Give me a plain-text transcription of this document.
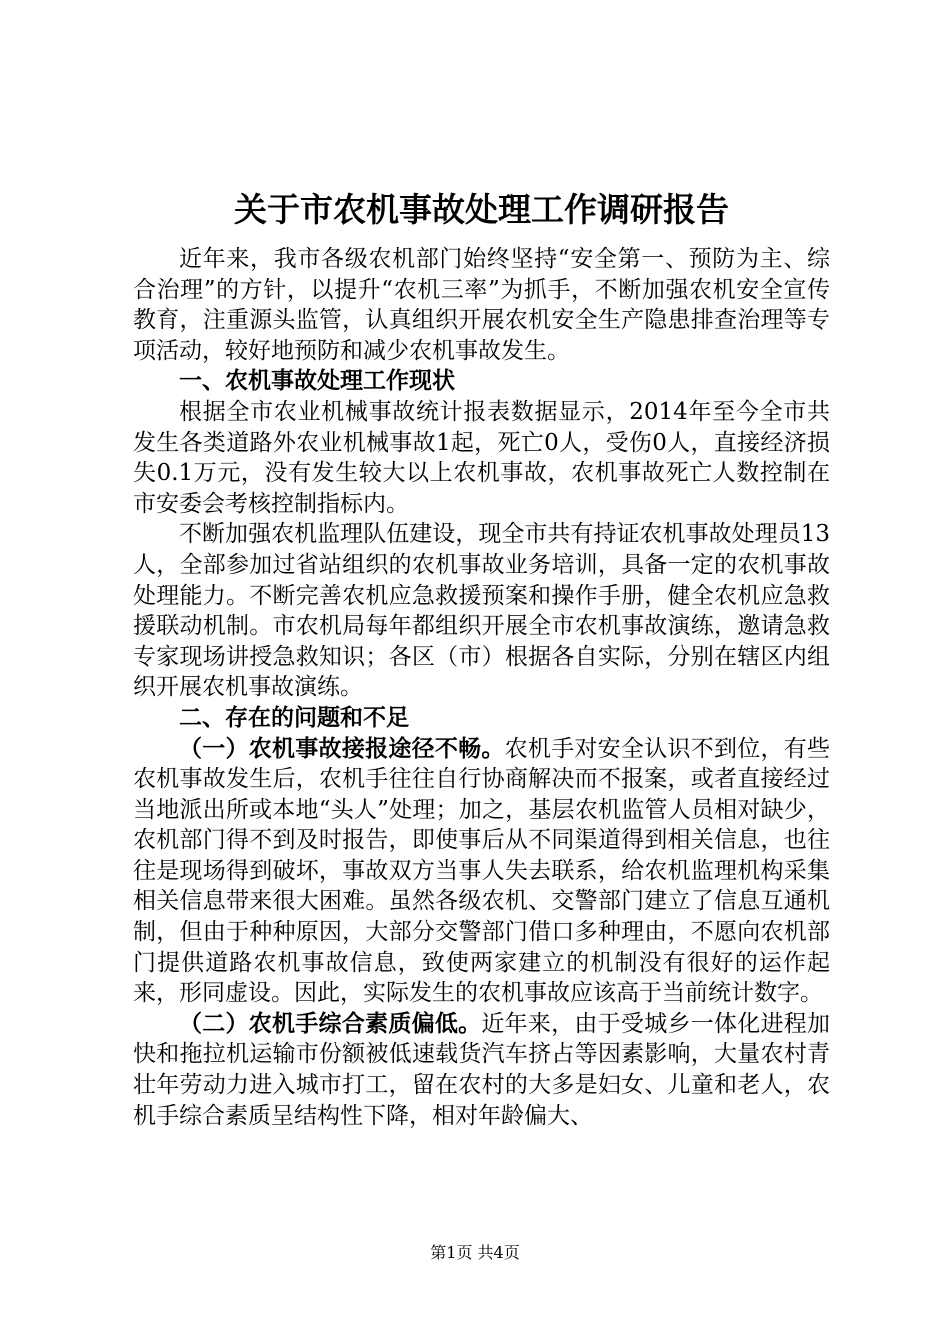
关于市农机事故处理工作调研报告

近年来，我市各级农机部门始终坚持“安全第一、预防为主、综合治理”的方针，以提升“农机三率”为抓手，不断加强农机安全宣传教育，注重源头监管，认真组织开展农机安全生产隐患排查治理等专项活动，较好地预防和减少农机事故发生。

一、农机事故处理工作现状

根据全市农业机械事故统计报表数据显示，2014年至今全市共发生各类道路外农业机械事故1起，死亡0人，受伤0人，直接经济损失0.1万元，没有发生较大以上农机事故，农机事故死亡人数控制在市安委会考核控制指标内。

不断加强农机监理队伍建设，现全市共有持证农机事故处理员13人，全部参加过省站组织的农机事故业务培训，具备一定的农机事故处理能力。不断完善农机应急救援预案和操作手册，健全农机应急救援联动机制。市农机局每年都组织开展全市农机事故演练，邀请急救专家现场讲授急救知识；各区（市）根据各自实际，分别在辖区内组织开展农机事故演练。

二、存在的问题和不足

（一）农机事故接报途径不畅。农机手对安全认识不到位，有些农机事故发生后，农机手往往自行协商解决而不报案，或者直接经过当地派出所或本地“头人”处理；加之，基层农机监管人员相对缺少，农机部门得不到及时报告，即使事后从不同渠道得到相关信息，也往往是现场得到破坏，事故双方当事人失去联系，给农机监理机构采集相关信息带来很大困难。虽然各级农机、交警部门建立了信息互通机制，但由于种种原因，大部分交警部门借口多种理由，不愿向农机部门提供道路农机事故信息，致使两家建立的机制没有很好的运作起来，形同虚设。因此，实际发生的农机事故应该高于当前统计数字。

（二）农机手综合素质偏低。近年来，由于受城乡一体化进程加快和拖拉机运输市份额被低速载货汽车挤占等因素影响，大量农村青壮年劳动力进入城市打工，留在农村的大多是妇女、儿童和老人，农机手综合素质呈结构性下降，相对年龄偏大、

第1页 共4页
